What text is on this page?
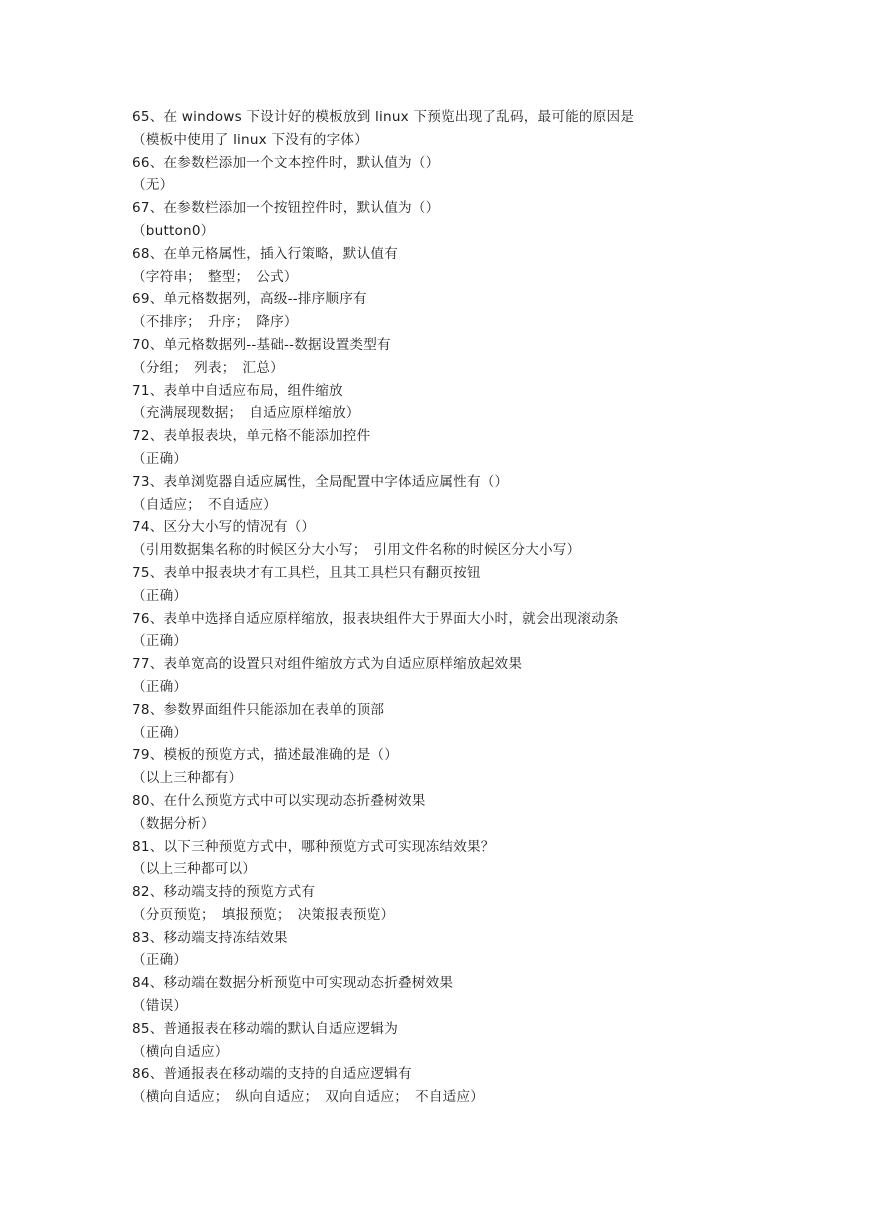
65、在 windows 下设计好的模板放到 linux 下预览出现了乱码，最可能的原因是
（模板中使用了 linux 下没有的字体）
66、在参数栏添加一个文本控件时，默认值为（）
（无）
67、在参数栏添加一个按钮控件时，默认值为（）
（button0）
68、在单元格属性，插入行策略，默认值有
（字符串；　整型；　公式）
69、单元格数据列，高级--排序顺序有
（不排序；　升序；　降序）
70、单元格数据列--基础--数据设置类型有
（分组；　列表；　汇总）
71、表单中自适应布局，组件缩放
（充满展现数据；　自适应原样缩放）
72、表单报表块，单元格不能添加控件
（正确）
73、表单浏览器自适应属性，全局配置中字体适应属性有（）
（自适应；　不自适应）
74、区分大小写的情况有（）
（引用数据集名称的时候区分大小写；　引用文件名称的时候区分大小写）
75、表单中报表块才有工具栏，且其工具栏只有翻页按钮
（正确）
76、表单中选择自适应原样缩放，报表块组件大于界面大小时，就会出现滚动条
（正确）
77、表单宽高的设置只对组件缩放方式为自适应原样缩放起效果
（正确）
78、参数界面组件只能添加在表单的顶部
（正确）
79、模板的预览方式，描述最准确的是（）
（以上三种都有）
80、在什么预览方式中可以实现动态折叠树效果
（数据分析）
81、以下三种预览方式中，哪种预览方式可实现冻结效果？
（以上三种都可以）
82、移动端支持的预览方式有
（分页预览；　填报预览；　决策报表预览）
83、移动端支持冻结效果
（正确）
84、移动端在数据分析预览中可实现动态折叠树效果
（错误）
85、普通报表在移动端的默认自适应逻辑为
（横向自适应）
86、普通报表在移动端的支持的自适应逻辑有
（横向自适应；　纵向自适应；　双向自适应；　不自适应）
